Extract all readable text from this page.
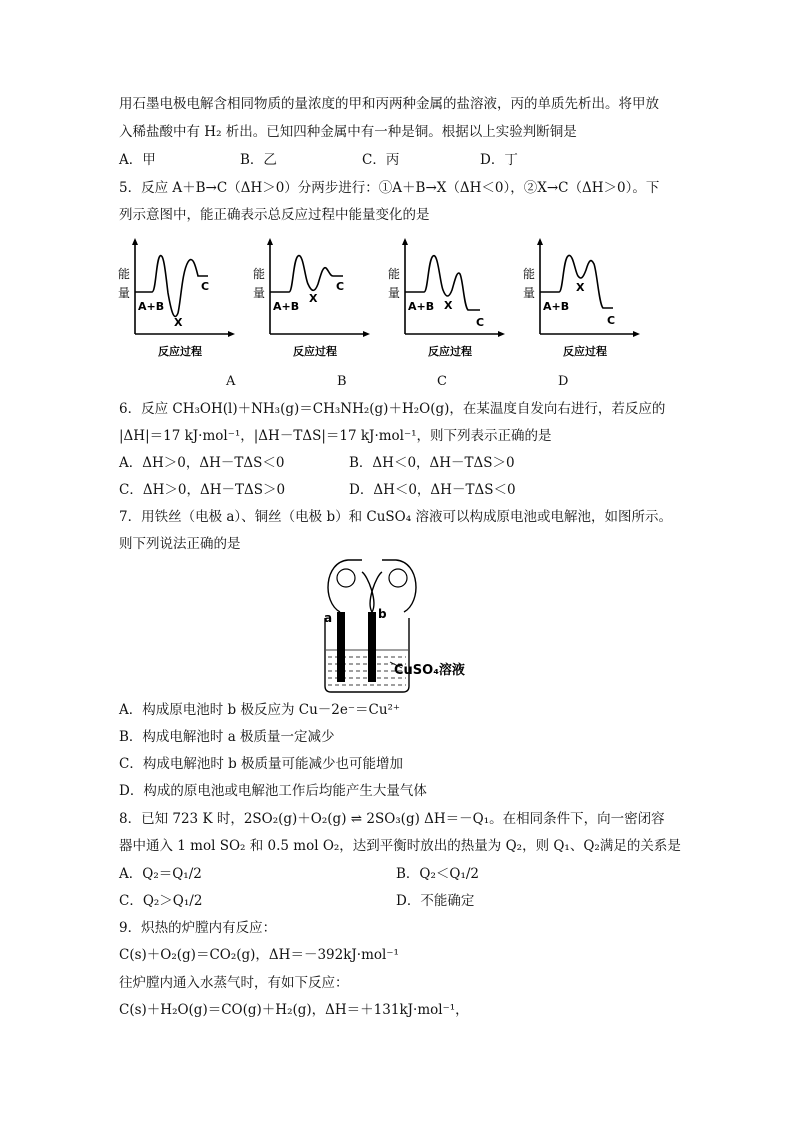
用石墨电极电解含相同物质的量浓度的甲和丙两种金属的盐溶液，丙的单质先析出。将甲放
入稀盐酸中有 H₂ 析出。已知四种金属中有一种是铜。根据以上实验判断铜是
A．甲	B．乙	C．丙	D．丁
5．反应 A＋B→C（ΔH＞0）分两步进行：①A＋B→X（ΔH＜0），②X→C（ΔH＞0）。下
列示意图中，能正确表示总反应过程中能量变化的是
能
量
A+B
X
C
反应过程
能
量
A+B
X
C
反应过程
能
量
A+B X
C
反应过程
能
量
A+B
X
C
反应过程
A	B	C	D
6．反应 CH₃OH(l)＋NH₃(g)＝CH₃NH₂(g)＋H₂O(g)，在某温度自发向右进行，若反应的
|ΔH|＝17 kJ·mol⁻¹，|ΔH－TΔS|＝17 kJ·mol⁻¹，则下列表示正确的是
A．ΔH＞0，ΔH－TΔS＜0	B．ΔH＜0，ΔH－TΔS＞0
C．ΔH＞0，ΔH－TΔS＞0	D．ΔH＜0，ΔH－TΔS＜0
7．用铁丝（电极 a）、铜丝（电极 b）和 CuSO₄ 溶液可以构成原电池或电解池，如图所示。
则下列说法正确的是
a	b
CuSO₄溶液
A．构成原电池时 b 极反应为 Cu－2e⁻＝Cu²⁺
B．构成电解池时 a 极质量一定减少
C．构成电解池时 b 极质量可能减少也可能增加
D．构成的原电池或电解池工作后均能产生大量气体
8．已知 723 K 时，2SO₂(g)＋O₂(g) ⇌ 2SO₃(g) ΔH＝－Q₁。在相同条件下，向一密闭容
器中通入 1 mol SO₂ 和 0.5 mol O₂，达到平衡时放出的热量为 Q₂，则 Q₁、Q₂满足的关系是
A．Q₂＝Q₁/2	B．Q₂＜Q₁/2
C．Q₂＞Q₁/2	D．不能确定
9．炽热的炉膛内有反应：
C(s)＋O₂(g)＝CO₂(g)，ΔH＝－392kJ·mol⁻¹
往炉膛内通入水蒸气时，有如下反应：
C(s)＋H₂O(g)＝CO(g)＋H₂(g)，ΔH＝＋131kJ·mol⁻¹，
